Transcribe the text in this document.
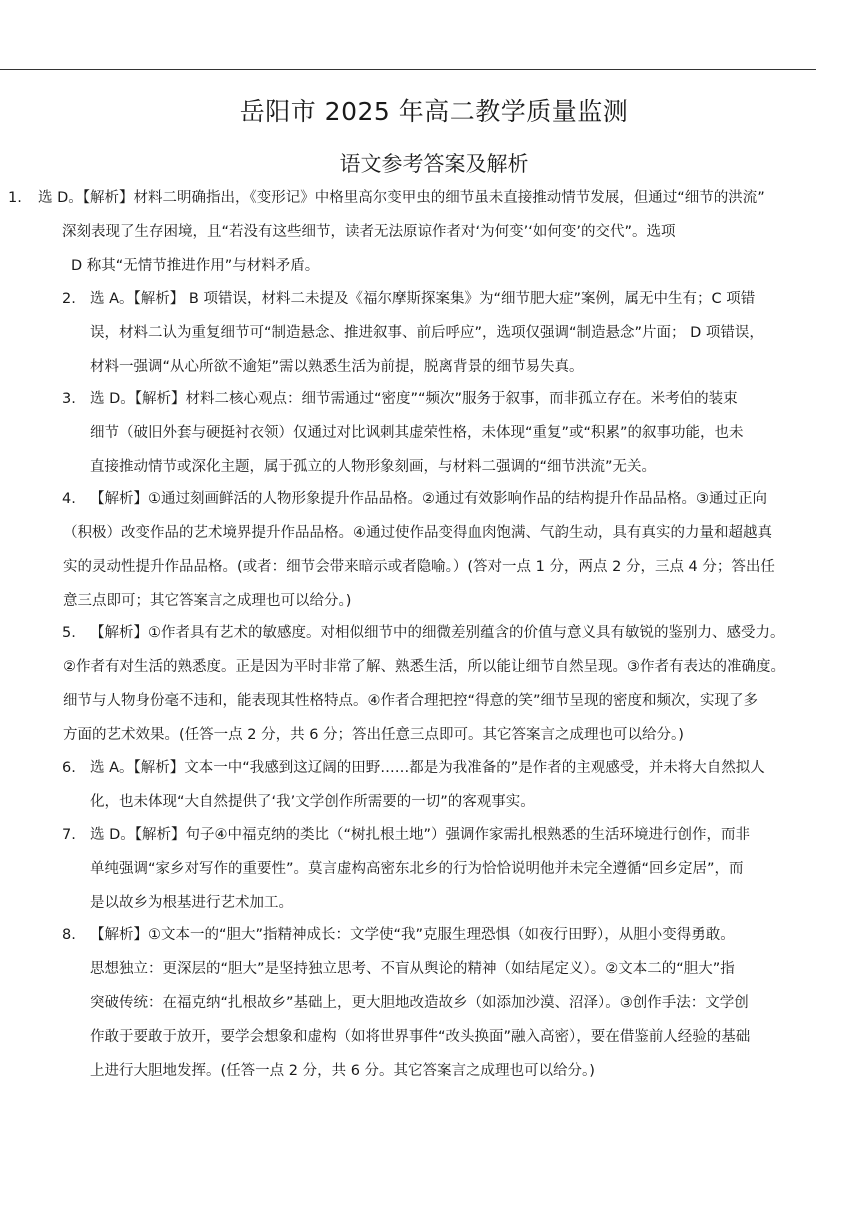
岳阳市 2025 年高二教学质量监测
语文参考答案及解析
1. 选 D。【解析】材料二明确指出，《变形记》中格里高尔变甲虫的细节虽未直接推动情节发展，但通过“细节的洪流”
深刻表现了生存困境，且“若没有这些细节，读者无法原谅作者对‘为何变’‘如何变’的交代”。选项
D 称其“无情节推进作用”与材料矛盾。
2. 选 A。【解析】 B 项错误，材料二未提及《福尔摩斯探案集》为“细节肥大症”案例，属无中生有；C 项错
误，材料二认为重复细节可“制造悬念、推进叙事、前后呼应”，选项仅强调“制造悬念”片面； D 项错误，
材料一强调“从心所欲不逾矩”需以熟悉生活为前提，脱离背景的细节易失真。
3. 选 D。【解析】材料二核心观点：细节需通过“密度”“频次”服务于叙事，而非孤立存在。米考伯的装束
细节（破旧外套与硬挺衬衣领）仅通过对比讽刺其虚荣性格，未体现“重复”或“积累”的叙事功能，也未
直接推动情节或深化主题，属于孤立的人物形象刻画，与材料二强调的“细节洪流”无关。
4. 【解析】①通过刻画鲜活的人物形象提升作品品格。②通过有效影响作品的结构提升作品品格。③通过正向
（积极）改变作品的艺术境界提升作品品格。④通过使作品变得血肉饱满、气韵生动，具有真实的力量和超越真
实的灵动性提升作品品格。(或者：细节会带来暗示或者隐喻。）(答对一点 1 分，两点 2 分，三点 4 分；答出任
意三点即可；其它答案言之成理也可以给分。)
5. 【解析】①作者具有艺术的敏感度。对相似细节中的细微差别蕴含的价值与意义具有敏锐的鉴别力、感受力。
②作者有对生活的熟悉度。正是因为平时非常了解、熟悉生活，所以能让细节自然呈现。③作者有表达的准确度。
细节与人物身份毫不违和，能表现其性格特点。④作者合理把控“得意的笑”细节呈现的密度和频次，实现了多
方面的艺术效果。(任答一点 2 分，共 6 分；答出任意三点即可。其它答案言之成理也可以给分。)
6. 选 A。【解析】文本一中“我感到这辽阔的田野……都是为我准备的”是作者的主观感受，并未将大自然拟人
化，也未体现“大自然提供了‘我’文学创作所需要的一切”的客观事实。
7. 选 D。【解析】句子④中福克纳的类比（“树扎根土地”）强调作家需扎根熟悉的生活环境进行创作，而非
单纯强调“家乡对写作的重要性”。莫言虚构高密东北乡的行为恰恰说明他并未完全遵循“回乡定居”，而
是以故乡为根基进行艺术加工。
8. 【解析】①文本一的“胆大”指精神成长：文学使“我”克服生理恐惧（如夜行田野），从胆小变得勇敢。
思想独立：更深层的“胆大”是坚持独立思考、不盲从舆论的精神（如结尾定义）。②文本二的“胆大”指
突破传统：在福克纳“扎根故乡”基础上，更大胆地改造故乡（如添加沙漠、沼泽）。③创作手法：文学创
作敢于要敢于放开，要学会想象和虚构（如将世界事件“改头换面”融入高密），要在借鉴前人经验的基础
上进行大胆地发挥。(任答一点 2 分，共 6 分。其它答案言之成理也可以给分。)
